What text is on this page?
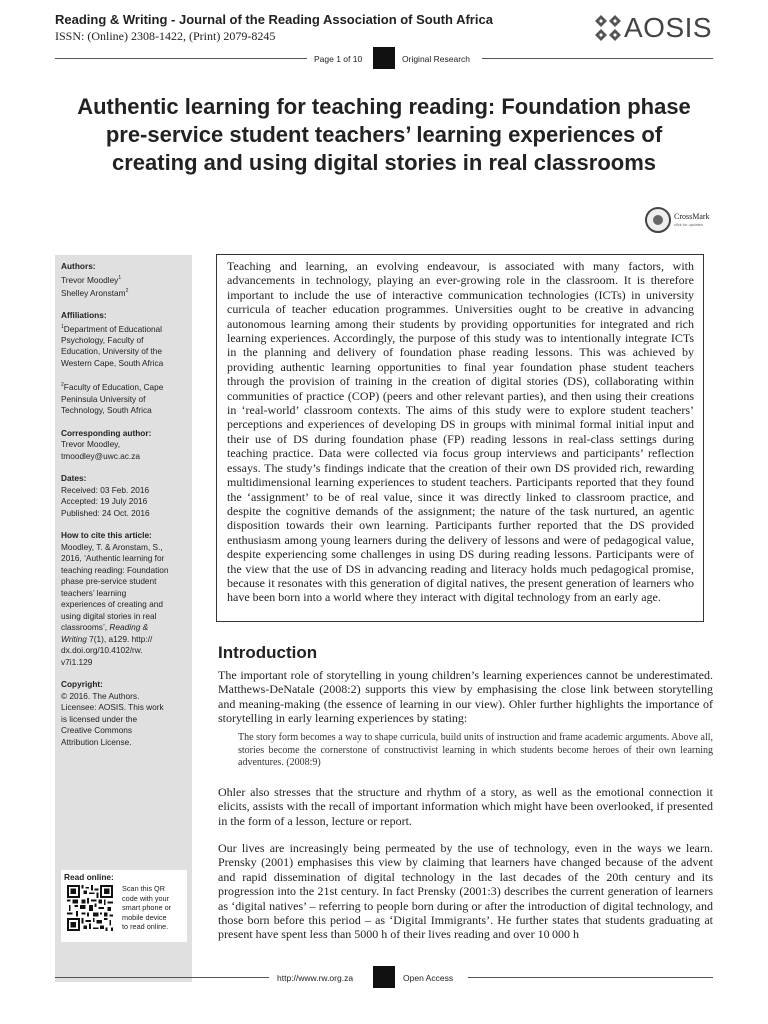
Reading & Writing - Journal of the Reading Association of South Africa
ISSN: (Online) 2308-1422, (Print) 2079-8245	AOSIS
Page 1 of 10	Original Research
Authentic learning for teaching reading: Foundation phase pre-service student teachers’ learning experiences of creating and using digital stories in real classrooms
CrossMark
click for updates
Authors:
Trevor Moodley$^1$
Shelley Aronstam$^2$
Affiliations:
$^1$Department of Educational
Psychology, Faculty of
Education, University of the
Western Cape, South Africa
$^2$Faculty of Education, Cape
Peninsula University of
Technology, South Africa
Corresponding author:
Trevor Moodley,
tmoodley@uwc.ac.za
Dates:
Received: 03 Feb. 2016
Accepted: 19 July 2016
Published: 24 Oct. 2016
How to cite this article:
Moodley, T. & Aronstam, S.,
2016, ‘Authentic learning for
teaching reading: Foundation
phase pre-service student
teachers’ learning
experiences of creating and
using digital stories in real
classrooms’, Reading &
Writing 7(1), a129. http://
dx.doi.org/10.4102/rw.
v7i1.129
Copyright:
© 2016. The Authors.
Licensee: AOSIS. This work
is licensed under the
Creative Commons
Attribution License.
Read online:
Scan this QR
code with your
smart phone or
mobile device
to read online.
Teaching and learning, an evolving endeavour, is associated with many factors, with advancements in technology, playing an ever-growing role in the classroom. It is therefore important to include the use of interactive communication technologies (ICTs) in university curricula of teacher education programmes. Universities ought to be creative in advancing autonomous learning among their students by providing opportunities for integrated and rich learning experiences. Accordingly, the purpose of this study was to intentionally integrate ICTs in the planning and delivery of foundation phase reading lessons. This was achieved by providing authentic learning opportunities to final year foundation phase student teachers through the provision of training in the creation of digital stories (DS), collaborating within communities of practice (COP) (peers and other relevant parties), and then using their creations in ‘real-world’ classroom contexts. The aims of this study were to explore student teachers’ perceptions and experiences of developing DS in groups with minimal formal initial input and their use of DS during foundation phase (FP) reading lessons in real-class settings during teaching practice. Data were collected via focus group interviews and participants’ reflection essays. The study’s findings indicate that the creation of their own DS provided rich, rewarding multidimensional learning experiences to student teachers. Participants reported that they found the ‘assignment’ to be of real value, since it was directly linked to classroom practice, and despite the cognitive demands of the assignment; the nature of the task nurtured, an agentic disposition towards their own learning. Participants further reported that the DS provided enthusiasm among young learners during the delivery of lessons and were of pedagogical value, despite experiencing some challenges in using DS during reading lessons. Participants were of the view that the use of DS in advancing reading and literacy holds much pedagogical promise, because it resonates with this generation of digital natives, the present generation of learners who have been born into a world where they interact with digital technology from an early age.
Introduction
The important role of storytelling in young children’s learning experiences cannot be underestimated. Matthews-DeNatale (2008:2) supports this view by emphasising the close link between storytelling and meaning-making (the essence of learning in our view). Ohler further highlights the importance of storytelling in early learning experiences by stating:
The story form becomes a way to shape curricula, build units of instruction and frame academic arguments. Above all, stories become the cornerstone of constructivist learning in which students become heroes of their own learning adventures. (2008:9)
Ohler also stresses that the structure and rhythm of a story, as well as the emotional connection it elicits, assists with the recall of important information which might have been overlooked, if presented in the form of a lesson, lecture or report.
Our lives are increasingly being permeated by the use of technology, even in the ways we learn. Prensky (2001) emphasises this view by claiming that learners have changed because of the advent and rapid dissemination of digital technology in the last decades of the 20th century and its progression into the 21st century. In fact Prensky (2001:3) describes the current generation of learners as ‘digital natives’ – referring to people born during or after the introduction of digital technology, and those born before this period – as ‘Digital Immigrants’. He further states that students graduating at present have spent less than 5000 h of their lives reading and over 10 000 h
http://www.rw.org.za	Open Access
